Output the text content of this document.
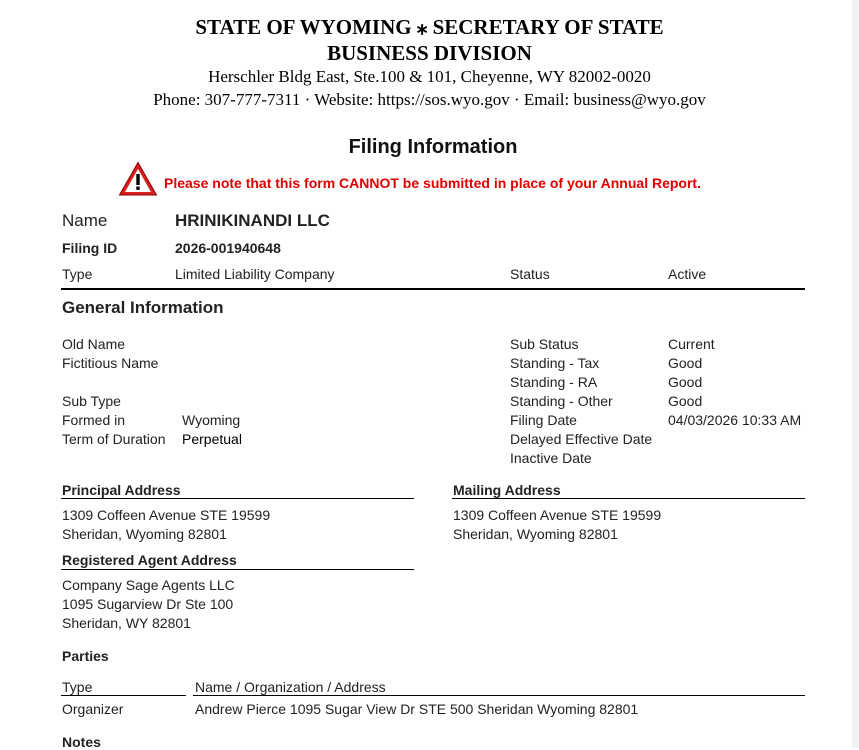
STATE OF WYOMING ⁎ SECRETARY OF STATE
BUSINESS DIVISION
Herschler Bldg East, Ste.100 & 101, Cheyenne, WY 82002-0020
Phone: 307-777-7311 · Website: https://sos.wyo.gov · Email: business@wyo.gov
Filing Information
Please note that this form CANNOT be submitted in place of your Annual Report.
Name	HRINIKINANDI LLC
Filing ID	2026-001940648
Type	Limited Liability Company	Status	Active
General Information
Old Name
Fictitious Name
Sub Type
Formed in	Wyoming
Term of Duration Perpetual
Sub Status	Current
Standing - Tax	Good
Standing - RA	Good
Standing - Other	Good
Filing Date	04/03/2026 10:33 AM
Delayed Effective Date
Inactive Date
Principal Address
1309 Coffeen Avenue STE 19599
Sheridan, Wyoming 82801
Mailing Address
1309 Coffeen Avenue STE 19599
Sheridan, Wyoming 82801
Registered Agent Address
Company Sage Agents LLC
1095 Sugarview Dr Ste 100
Sheridan, WY 82801
Parties
Type	Name / Organization / Address
Organizer	Andrew Pierce 1095 Sugar View Dr STE 500 Sheridan Wyoming 82801
Notes
